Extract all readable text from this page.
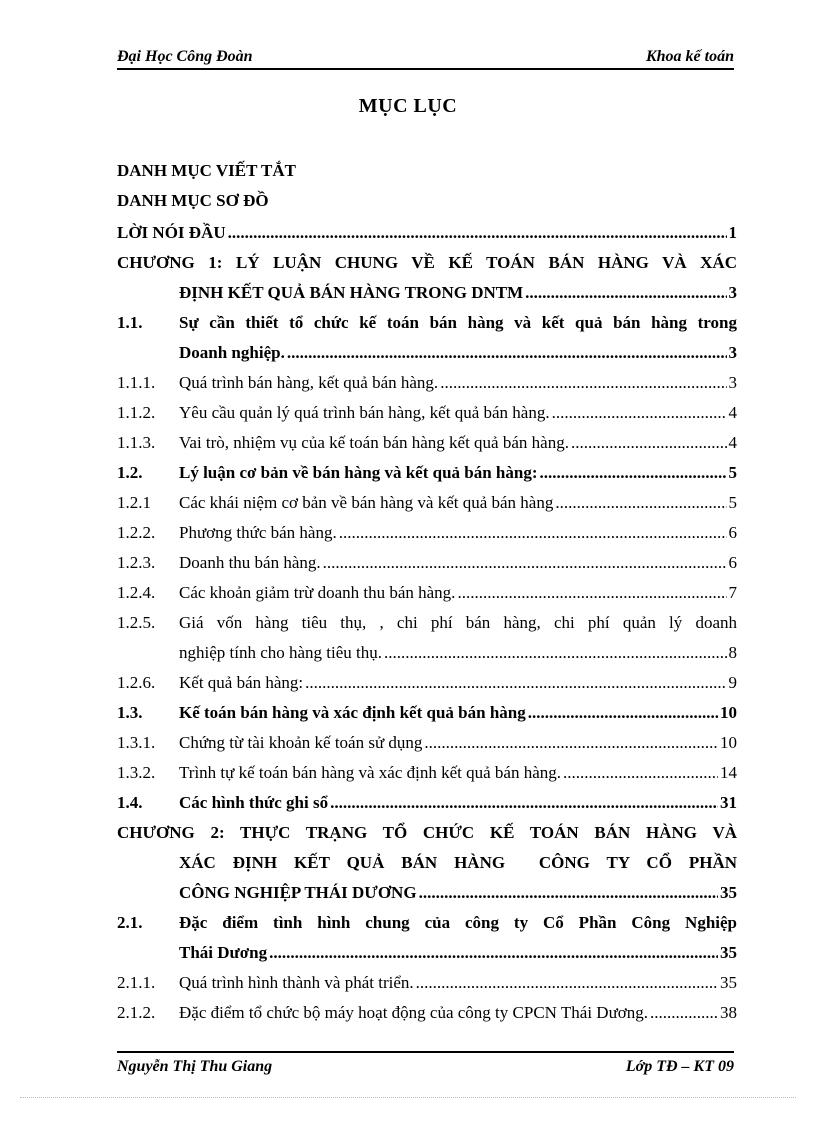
Đại Học Công Đoàn	Khoa kế toán
MỤC LỤC
DANH MỤC VIẾT TẮT
DANH MỤC SƠ ĐỒ
LỜI NÓI ĐẦU .....	1
CHƯƠNG 1: LÝ LUẬN CHUNG VỀ KẾ TOÁN BÁN HÀNG VÀ XÁC
ĐỊNH KẾT QUẢ BÁN HÀNG TRONG DNTM .....	3
1.1. Sự cần thiết tổ chức kế toán bán hàng và kết quả bán hàng trong
Doanh nghiệp. .....	3
1.1.1. Quá trình bán hàng, kết quả bán hàng. .....	3
1.1.2. Yêu cầu quản lý quá trình bán hàng, kết quả bán hàng. .....	4
1.1.3. Vai trò, nhiệm vụ của kế toán bán hàng kết quả bán hàng. .....	4
1.2. Lý luận cơ bản về bán hàng và kết quả bán hàng: .....	5
1.2.1 Các khái niệm cơ bản về bán hàng và kết quả bán hàng .....	5
1.2.2. Phương thức bán hàng. .....	6
1.2.3. Doanh thu bán hàng. .....	6
1.2.4. Các khoản giảm trừ doanh thu bán hàng. .....	7
1.2.5. Giá vốn hàng tiêu thụ, , chi phí bán hàng, chi phí quản lý doanh
nghiệp tính cho hàng tiêu thụ. .....	8
1.2.6. Kết quả bán hàng: .....	9
1.3. Kế toán bán hàng và xác định kết quả bán hàng .....	10
1.3.1. Chứng từ tài khoản kế toán sử dụng .....	10
1.3.2. Trình tự kế toán bán hàng và xác định kết quả bán hàng. .....	14
1.4. Các hình thức ghi sổ .....	31
CHƯƠNG 2: THỰC TRẠNG TỔ CHỨC KẾ TOÁN BÁN HÀNG VÀ
XÁC ĐỊNH KẾT QUẢ BÁN HÀNG  CÔNG TY CỔ PHẦN
CÔNG NGHIỆP THÁI DƯƠNG .....	35
2.1. Đặc điểm tình hình chung của công ty Cổ Phần Công Nghiệp
Thái Dương .....	35
2.1.1. Quá trình hình thành và phát triển. .....	35
2.1.2. Đặc điểm tổ chức bộ máy hoạt động của công ty CPCN Thái Dương. .....	38
Nguyễn Thị Thu Giang	Lớp TĐ – KT 09
